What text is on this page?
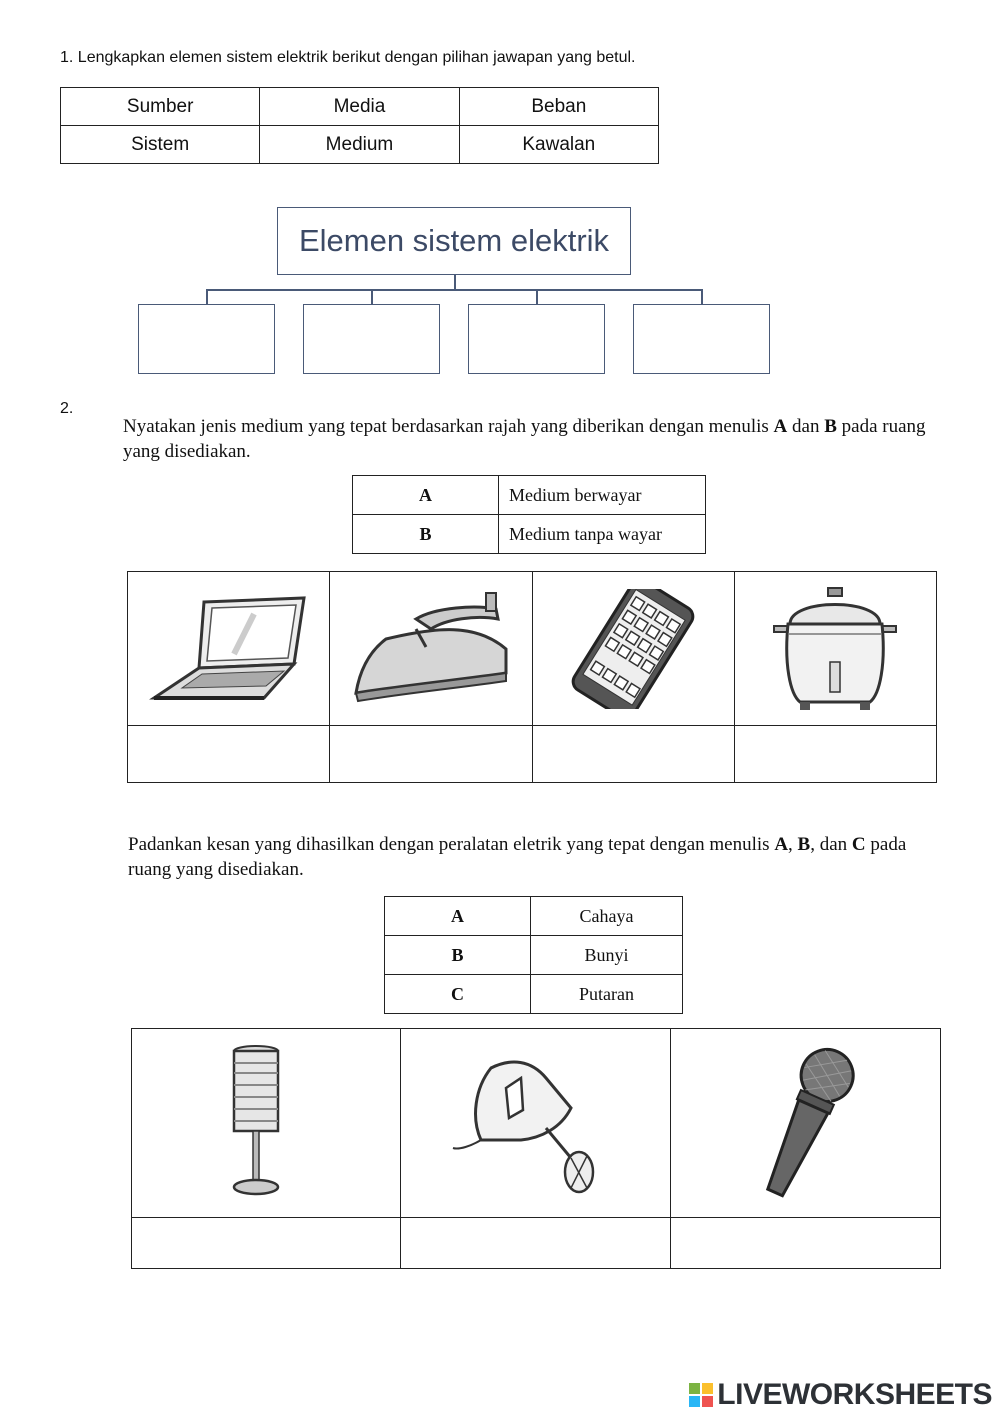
1. Lengkapkan elemen sistem elektrik berikut dengan pilihan jawapan yang betul.
Sumber	Media	Beban
Sistem	Medium	Kawalan
Elemen sistem elektrik
2.
Nyatakan jenis medium yang tepat berdasarkan rajah yang diberikan dengan menulis A dan B pada ruang yang disediakan.
A	Medium berwayar
B	Medium tanpa wayar

Padankan kesan yang dihasilkan dengan peralatan eletrik yang tepat dengan menulis A, B, dan C pada ruang yang disediakan.
A	Cahaya
B	Bunyi
C	Putaran

LIVEWORKSHEETS
